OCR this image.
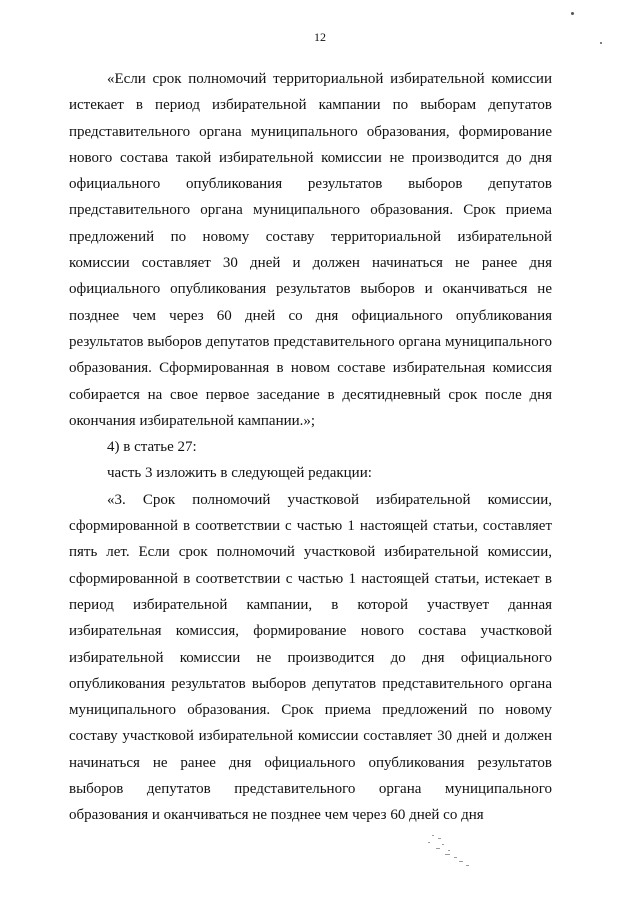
12

«Если срок полномочий территориальной избирательной комиссии истекает в период избирательной кампании по выборам депутатов представительного органа муниципального образования, формирование нового состава такой избирательной комиссии не производится до дня официального опубликования результатов выборов депутатов представительного органа муниципального образования. Срок приема предложений по новому составу территориальной избирательной комиссии составляет 30 дней и должен начинаться не ранее дня официального опубликования результатов выборов и оканчиваться не позднее чем через 60 дней со дня официального опубликования результатов выборов депутатов представительного органа муниципального образования. Сформированная в новом составе избирательная комиссия собирается на свое первое заседание в десятидневный срок после дня окончания избирательной кампании.»;

4) в статье 27:

часть 3 изложить в следующей редакции:

«3. Срок полномочий участковой избирательной комиссии, сформированной в соответствии с частью 1 настоящей статьи, составляет пять лет. Если срок полномочий участковой избирательной комиссии, сформированной в соответствии с частью 1 настоящей статьи, истекает в период избирательной кампании, в которой участвует данная избирательная комиссия, формирование нового состава участковой избирательной комиссии не производится до дня официального опубликования результатов выборов депутатов представительного органа муниципального образования. Срок приема предложений по новому составу участковой избирательной комиссии составляет 30 дней и должен начинаться не ранее дня официального опубликования результатов выборов депутатов представительного органа муниципального образования и оканчиваться не позднее чем через 60 дней со дня
